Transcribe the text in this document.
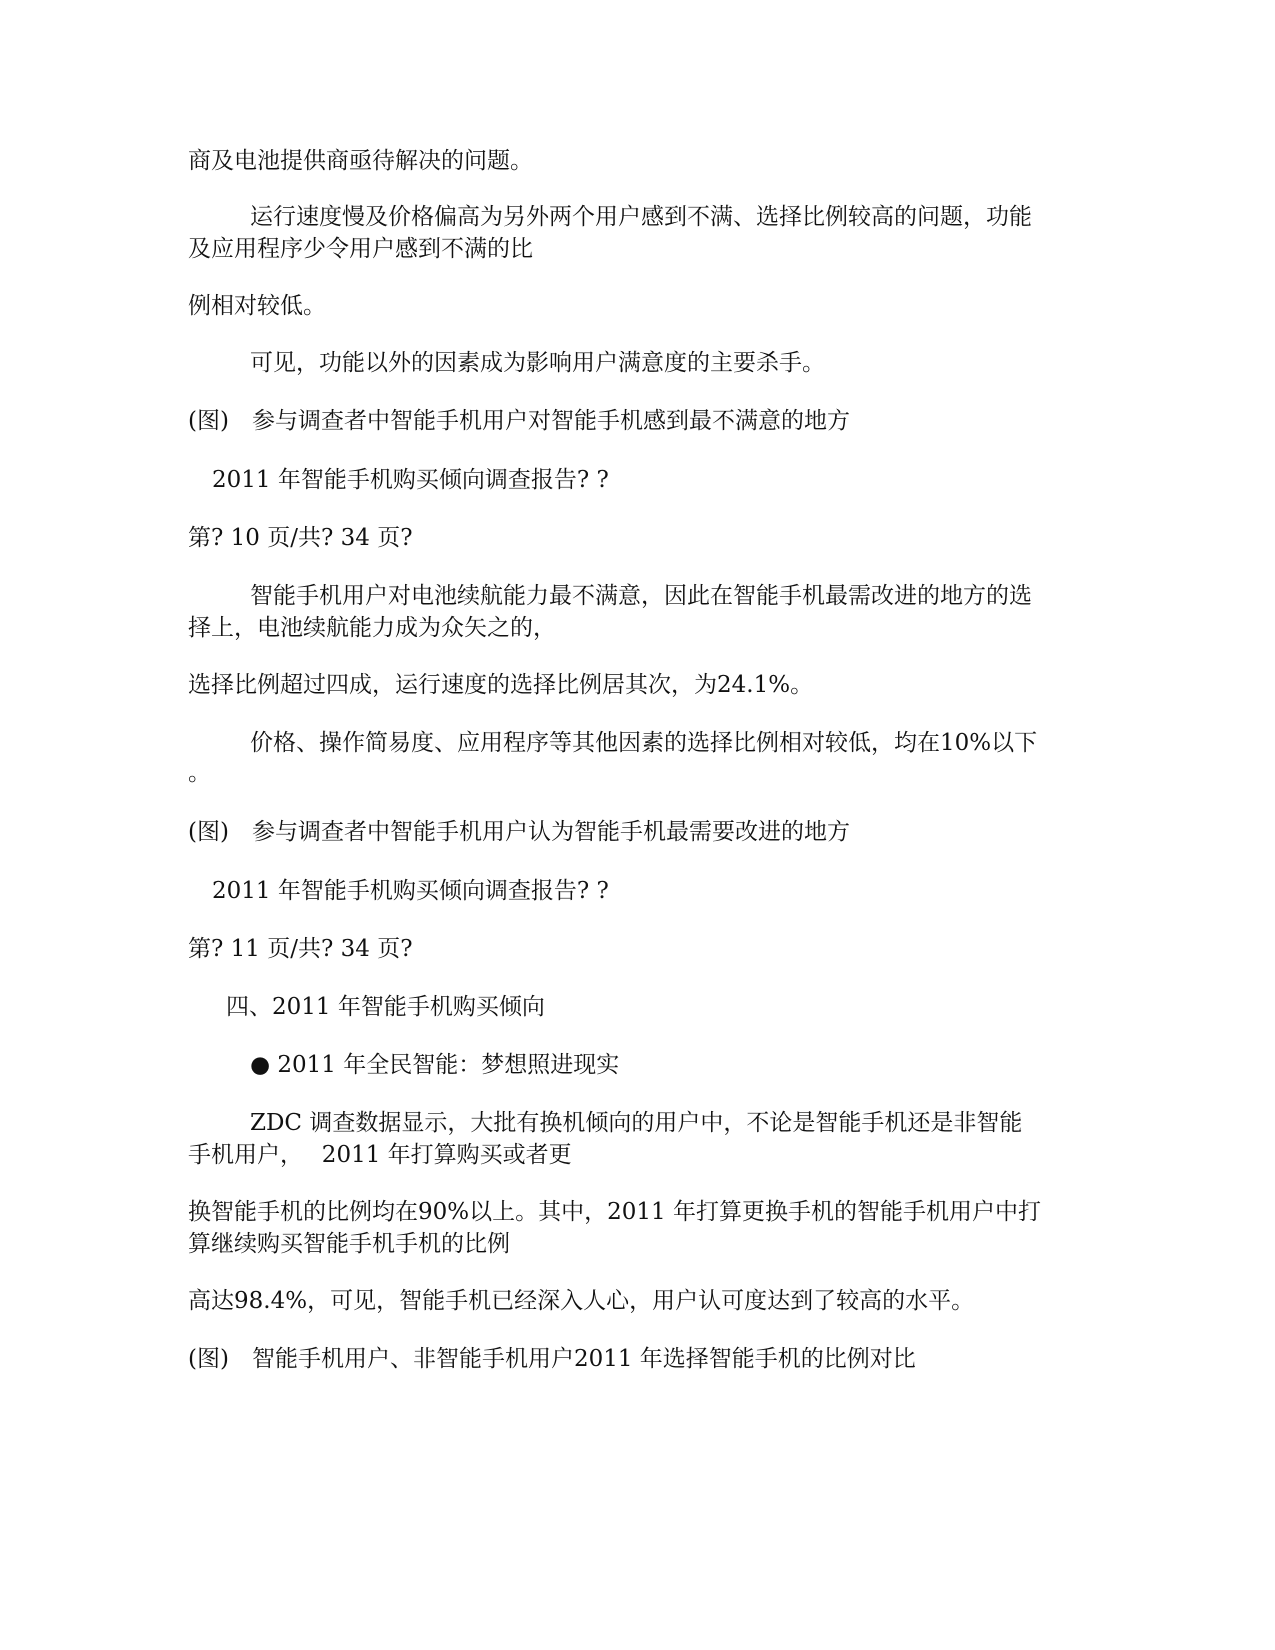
商及电池提供商亟待解决的问题。
运行速度慢及价格偏高为另外两个用户感到不满、选择比例较高的问题，功能
及应用程序少令用户感到不满的比
例相对较低。
可见，功能以外的因素成为影响用户满意度的主要杀手。
(图)　参与调查者中智能手机用户对智能手机感到最不满意的地方
2011 年智能手机购买倾向调查报告? ?
第? 10 页/共? 34 页?
智能手机用户对电池续航能力最不满意，因此在智能手机最需改进的地方的选
择上，电池续航能力成为众矢之的，
选择比例超过四成，运行速度的选择比例居其次，为24.1%。
价格、操作简易度、应用程序等其他因素的选择比例相对较低，均在10%以下
。
(图)　参与调查者中智能手机用户认为智能手机最需要改进的地方
2011 年智能手机购买倾向调查报告? ?
第? 11 页/共? 34 页?
四、2011 年智能手机购买倾向
● 2011 年全民智能：梦想照进现实
ZDC 调查数据显示，大批有换机倾向的用户中，不论是智能手机还是非智能
手机用户，　 2011 年打算购买或者更
换智能手机的比例均在90%以上。其中，2011 年打算更换手机的智能手机用户中打
算继续购买智能手机手机的比例
高达98.4%，可见，智能手机已经深入人心，用户认可度达到了较高的水平。
(图)　智能手机用户、非智能手机用户2011 年选择智能手机的比例对比
